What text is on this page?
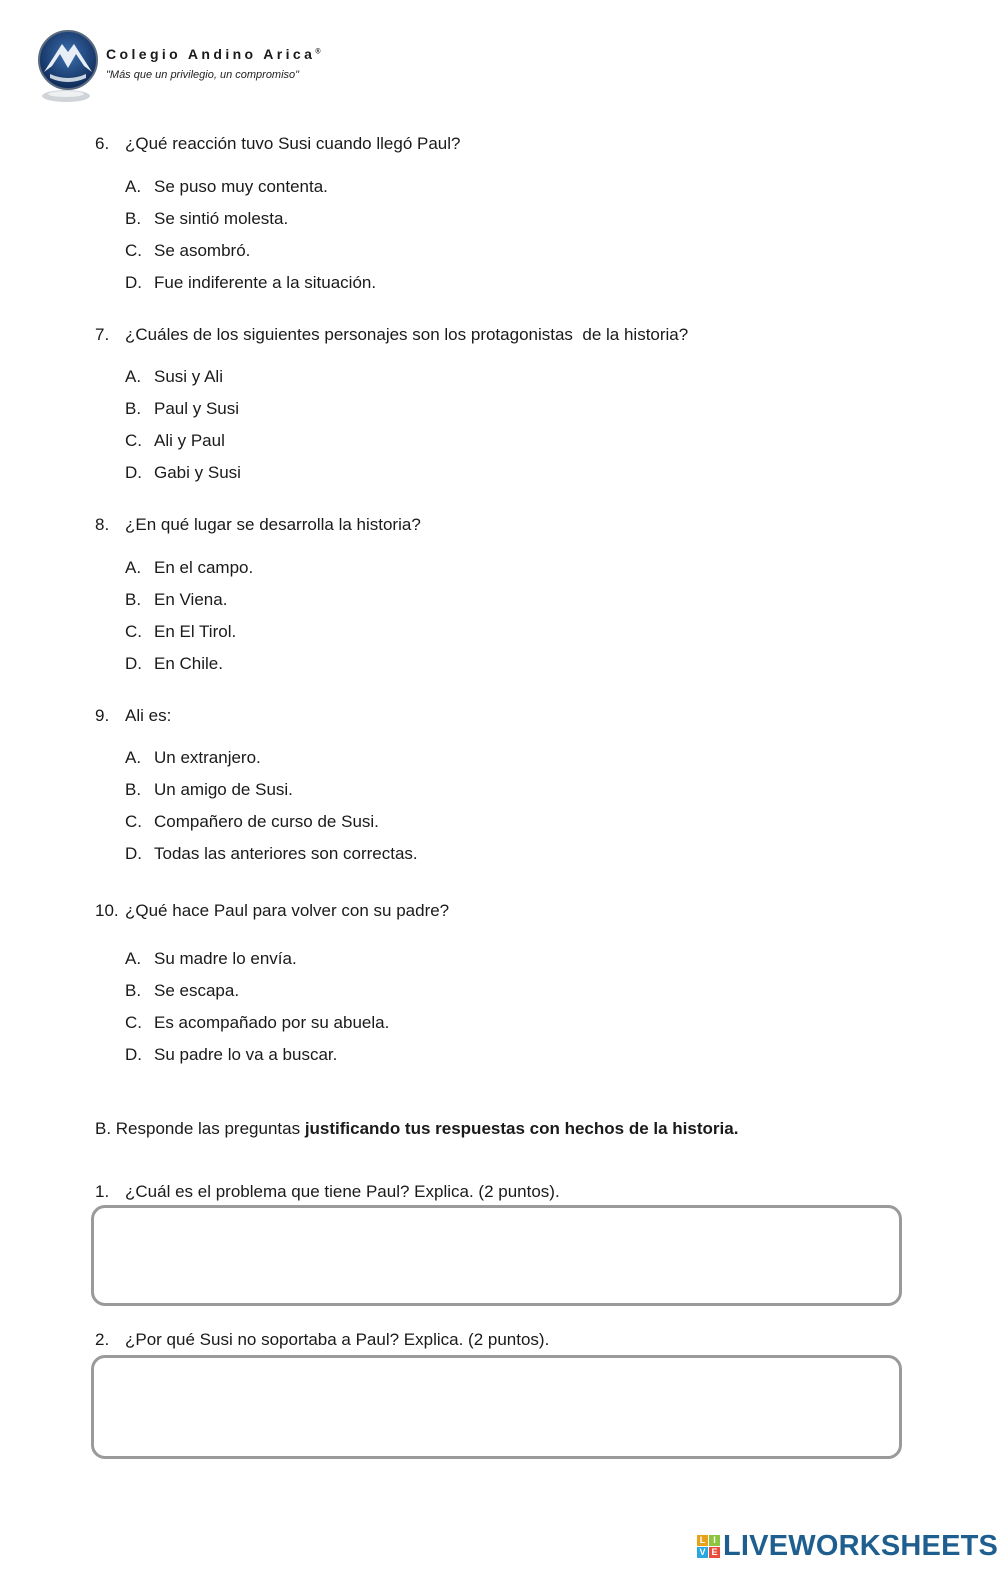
Colegio Andino Arica®
"Más que un privilegio, un compromiso"
6. ¿Qué reacción tuvo Susi cuando llegó Paul?
A. Se puso muy contenta.
B. Se sintió molesta.
C. Se asombró.
D. Fue indiferente a la situación.
7. ¿Cuáles de los siguientes personajes son los protagonistas  de la historia?
A. Susi y Ali
B. Paul y Susi
C. Ali y Paul
D. Gabi y Susi
8. ¿En qué lugar se desarrolla la historia?
A. En el campo.
B. En Viena.
C. En El Tirol.
D. En Chile.
9. Ali es:
A. Un extranjero.
B. Un amigo de Susi.
C. Compañero de curso de Susi.
D. Todas las anteriores son correctas.
10. ¿Qué hace Paul para volver con su padre?
A. Su madre lo envía.
B. Se escapa.
C. Es acompañado por su abuela.
D. Su padre lo va a buscar.
B. Responde las preguntas justificando tus respuestas con hechos de la historia.
1. ¿Cuál es el problema que tiene Paul? Explica. (2 puntos).
2. ¿Por qué Susi no soportaba a Paul? Explica. (2 puntos).
L I
V E LIVEWORKSHEETS
